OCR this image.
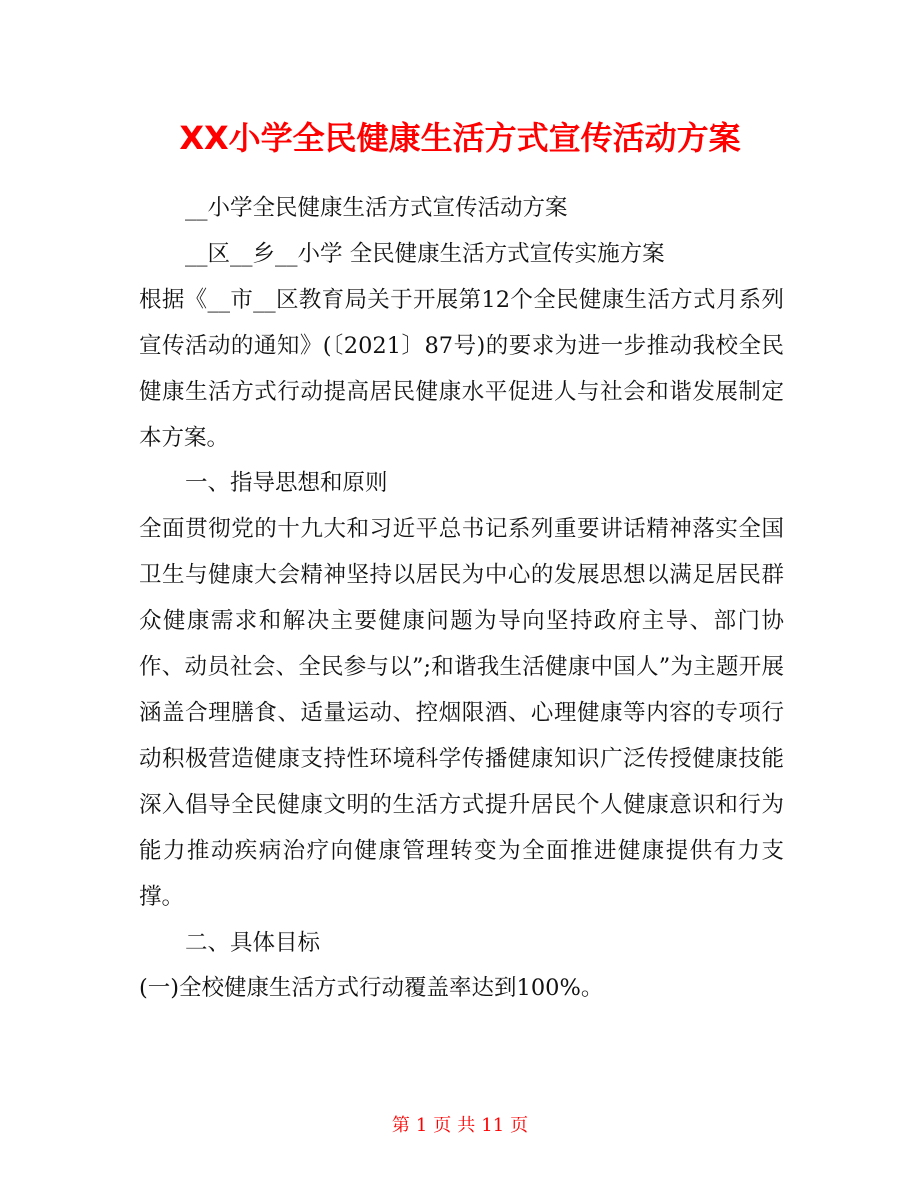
XX小学全民健康生活方式宣传活动方案

__小学全民健康生活方式宣传活动方案

__区__乡__小学 全民健康生活方式宣传实施方案

根据《__市__区教育局关于开展第12个全民健康生活方式月系列宣传活动的通知》(〔2021〕87号)的要求为进一步推动我校全民健康生活方式行动提高居民健康水平促进人与社会和谐发展制定本方案。

一、指导思想和原则

全面贯彻党的十九大和习近平总书记系列重要讲话精神落实全国卫生与健康大会精神坚持以居民为中心的发展思想以满足居民群众健康需求和解决主要健康问题为导向坚持政府主导、部门协作、动员社会、全民参与以”;和谐我生活健康中国人”为主题开展涵盖合理膳食、适量运动、控烟限酒、心理健康等内容的专项行动积极营造健康支持性环境科学传播健康知识广泛传授健康技能深入倡导全民健康文明的生活方式提升居民个人健康意识和行为能力推动疾病治疗向健康管理转变为全面推进健康提供有力支撑。

二、具体目标

(一)全校健康生活方式行动覆盖率达到100%。

第 1 页 共 11 页
